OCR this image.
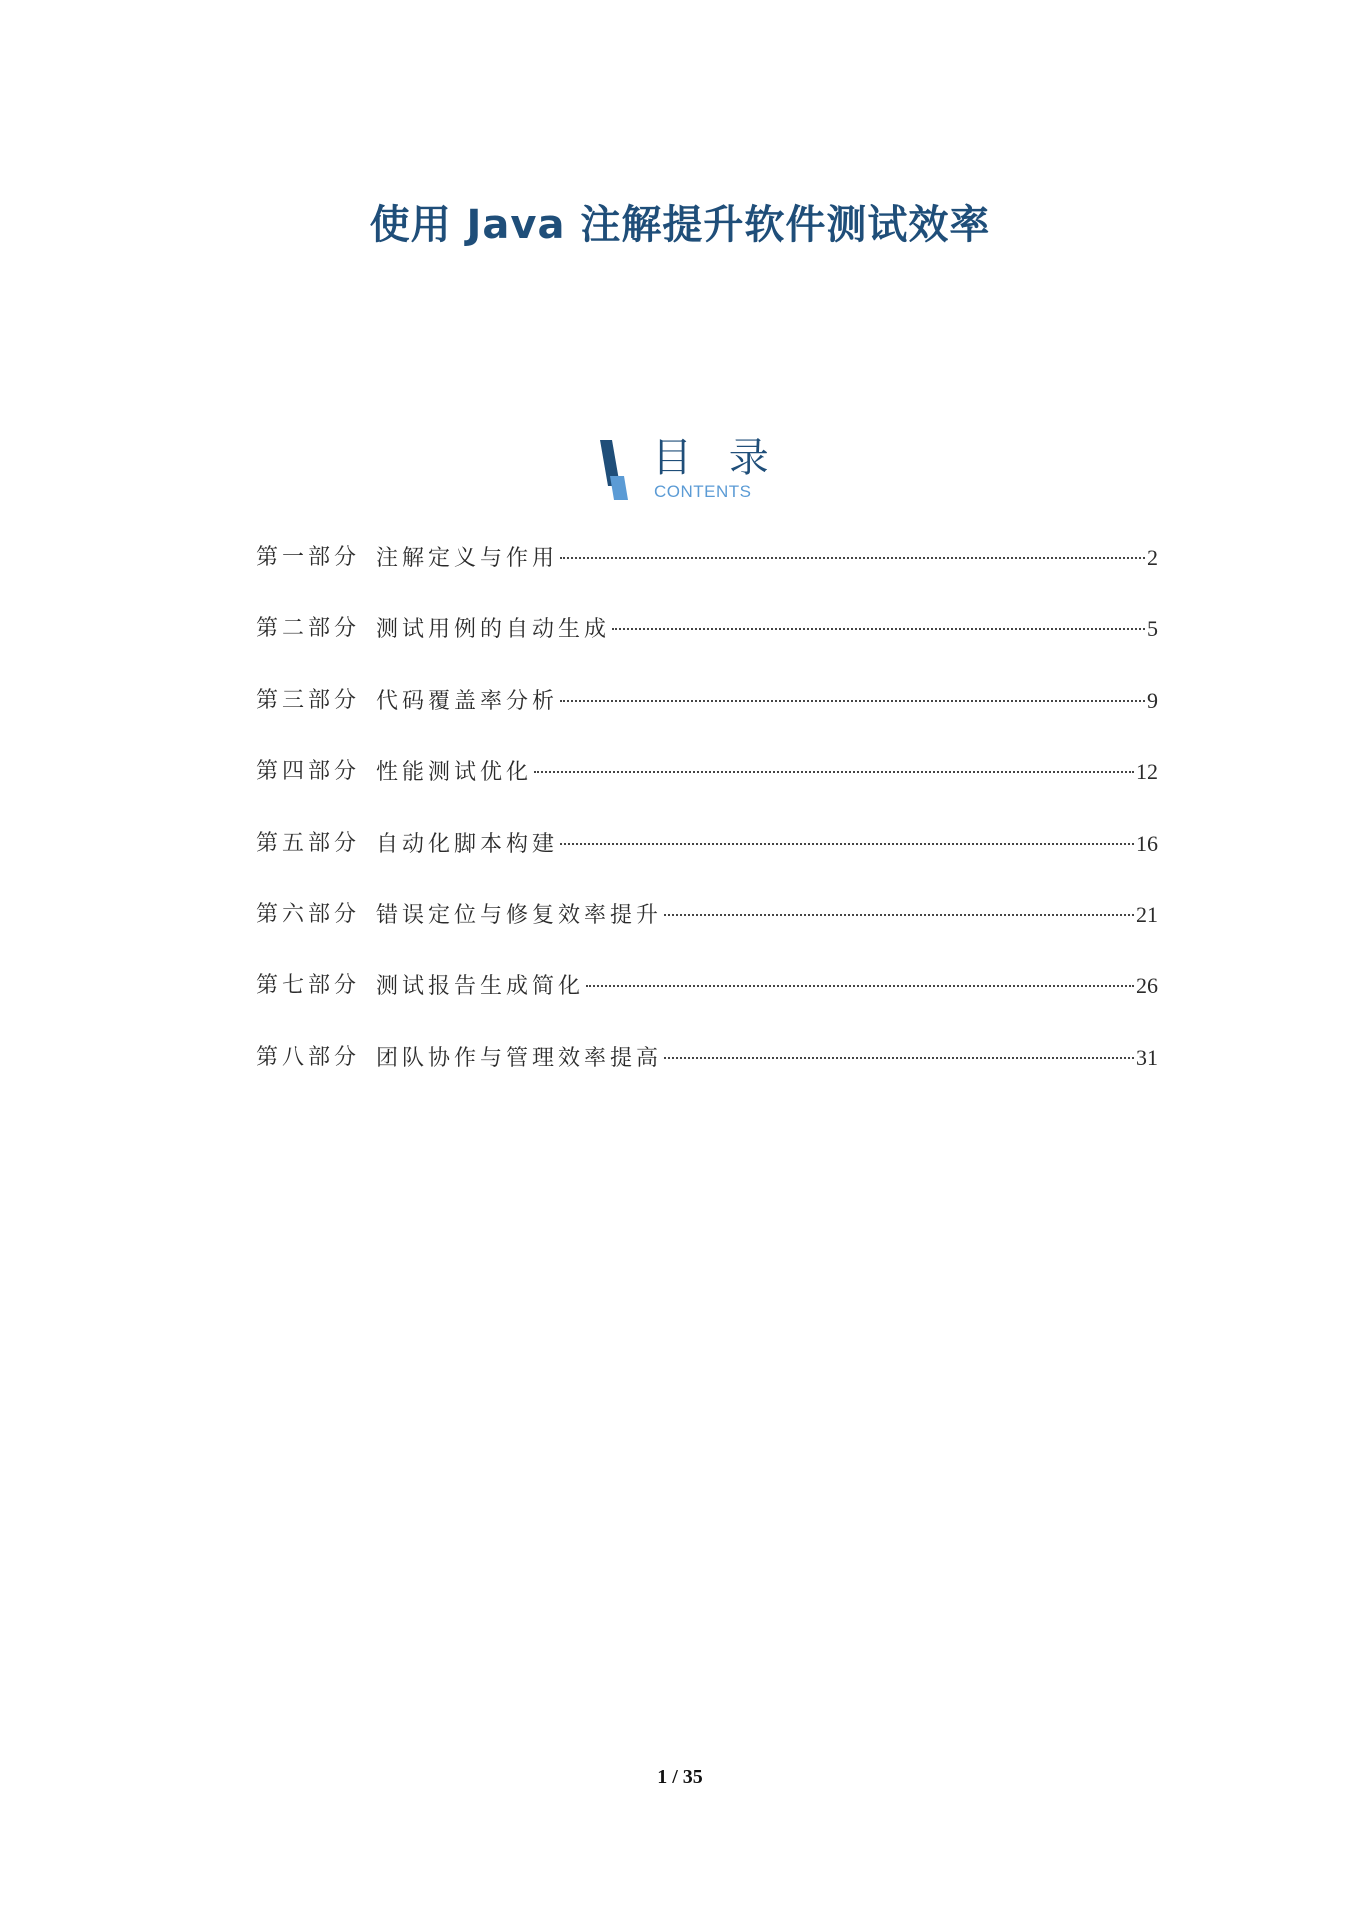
使用 Java 注解提升软件测试效率
目 录
CONTENTS
第一部分 注解定义与作用	2
第二部分 测试用例的自动生成	5
第三部分 代码覆盖率分析	9
第四部分 性能测试优化	12
第五部分 自动化脚本构建	16
第六部分 错误定位与修复效率提升	21
第七部分 测试报告生成简化	26
第八部分 团队协作与管理效率提高	31
1 / 35
